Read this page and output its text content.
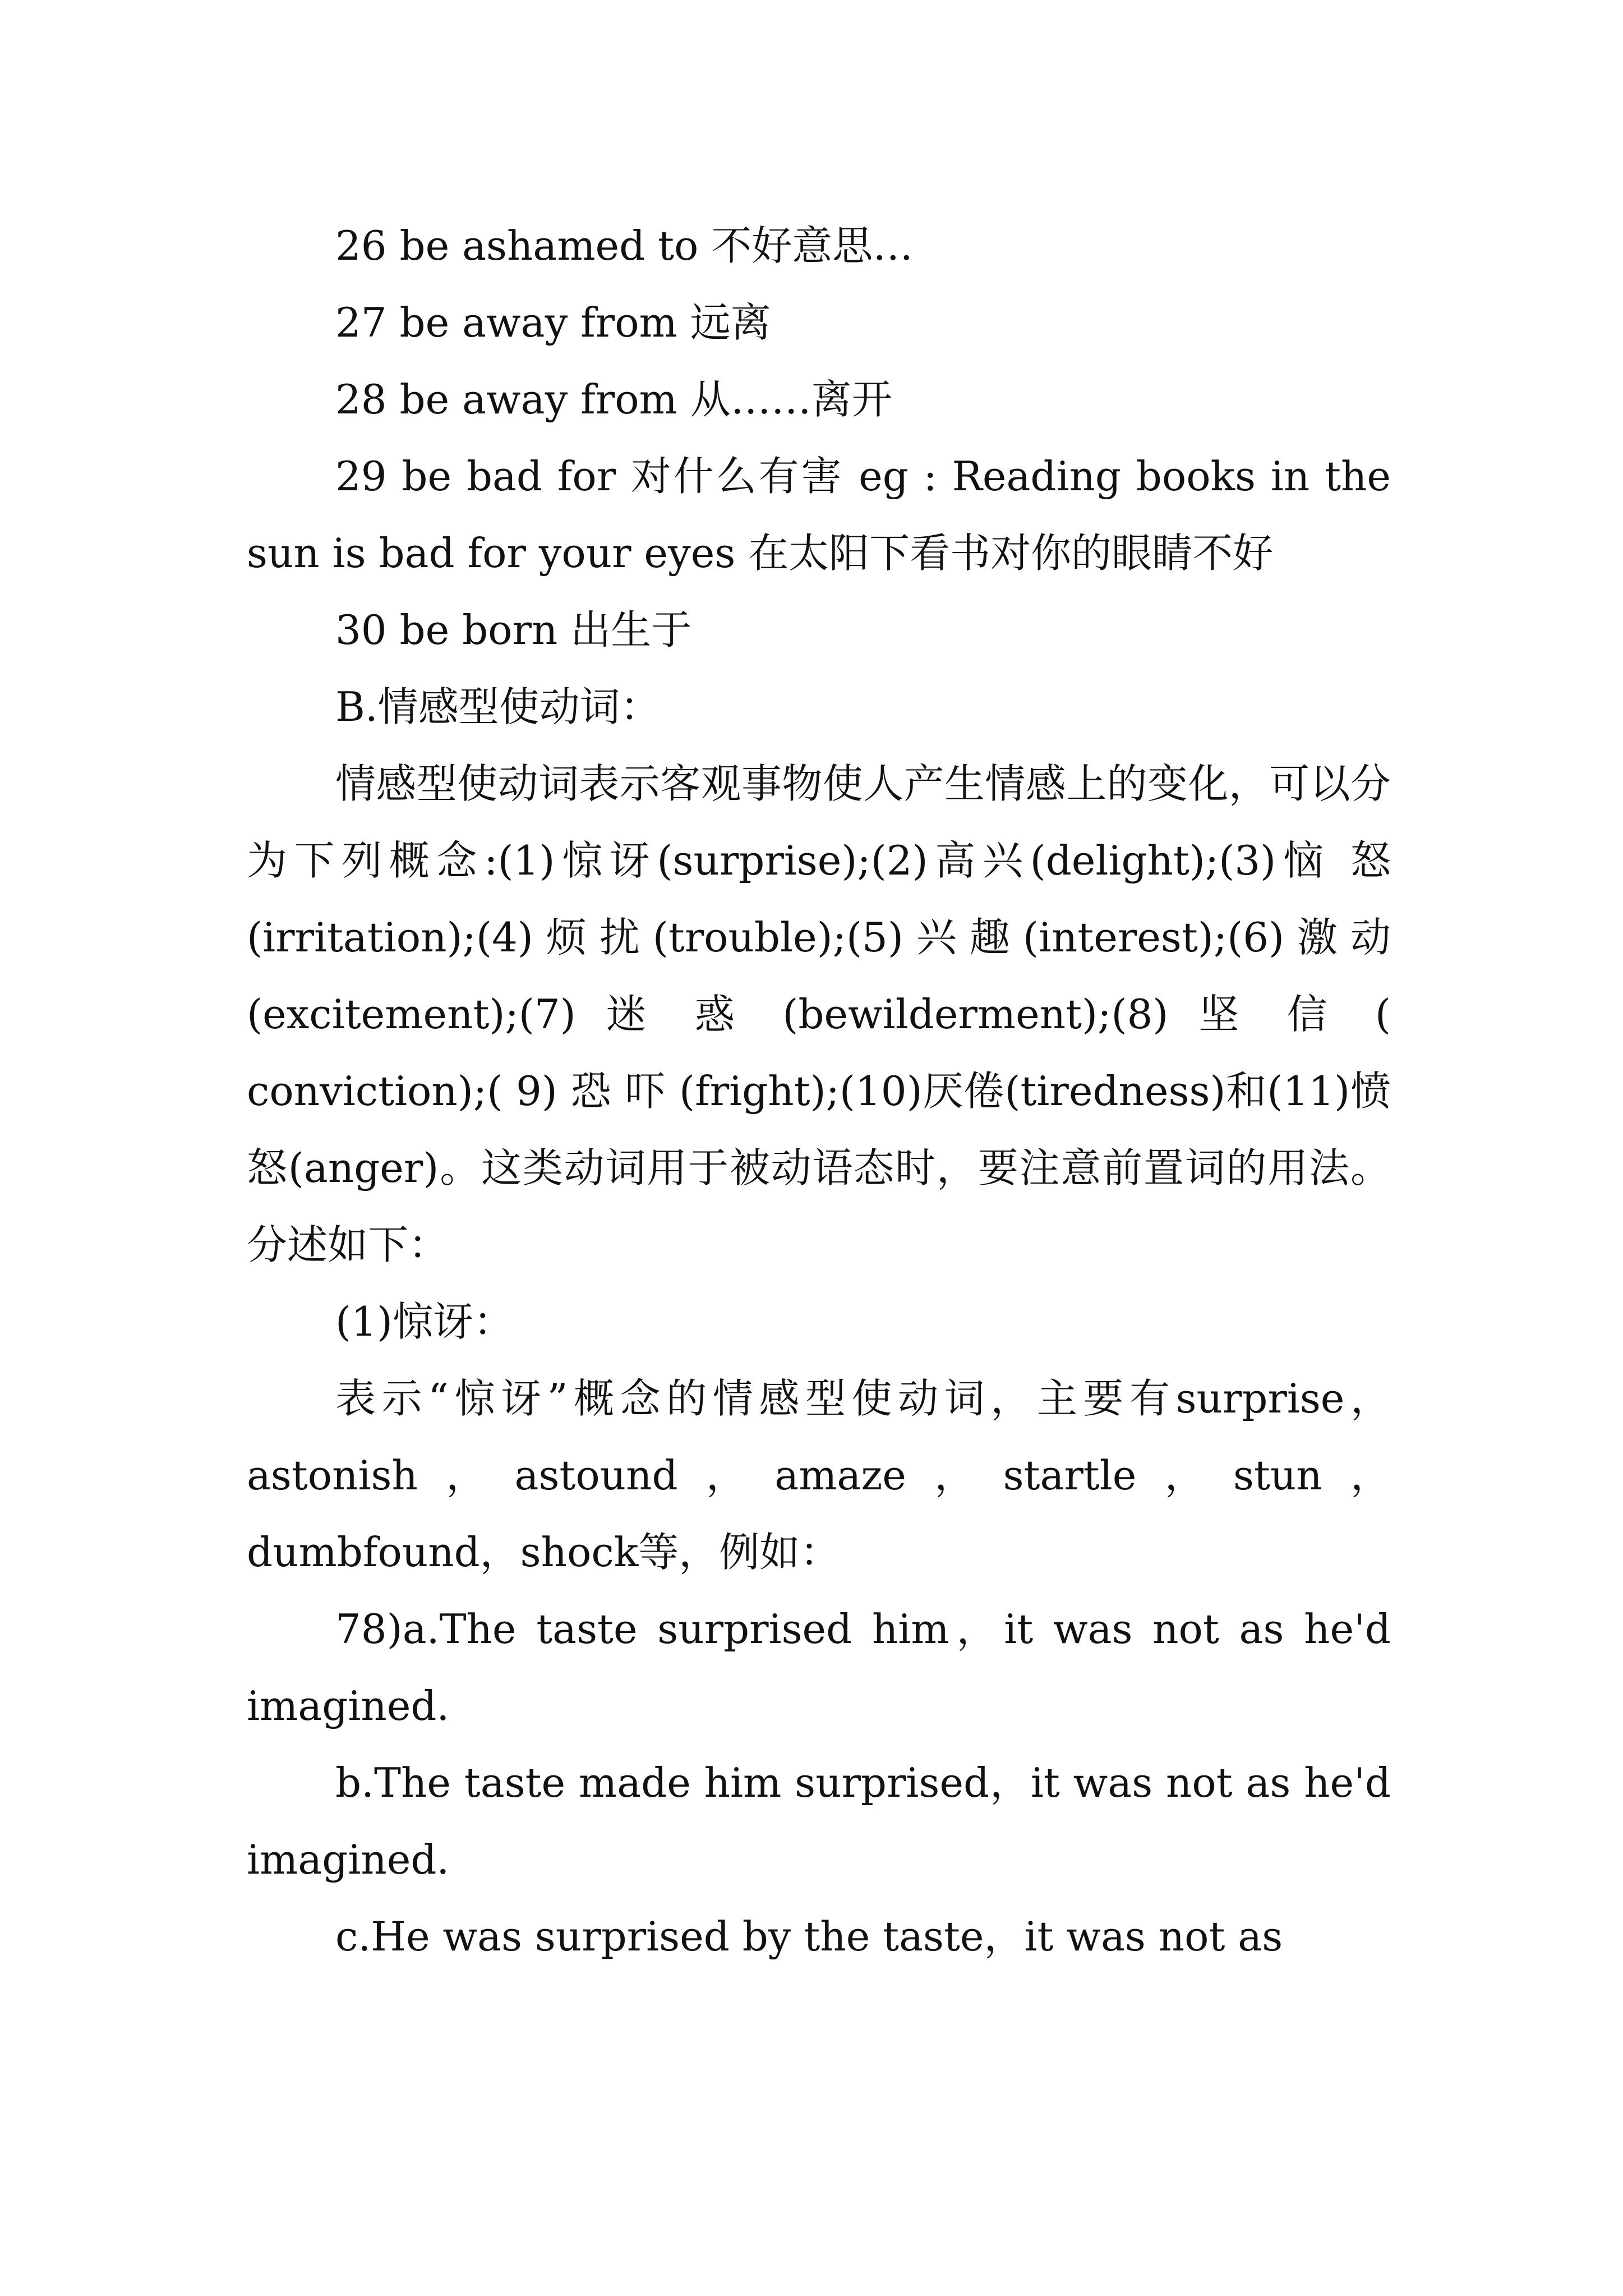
26 be ashamed to 不好意思…

27 be away from 远离

28 be away from 从……离开

29 be bad for 对什么有害 eg : Reading books in the sun is bad for your eyes 在太阳下看书对你的眼睛不好

30 be born 出生于

B.情感型使动词：

情感型使动词表示客观事物使人产生情感上的变化，可以分为下列概念:(1)惊讶(surprise);(2)高兴(delight);(3)恼 怒 (irritation);(4) 烦 扰 (trouble);(5) 兴 趣 (interest);(6) 激 动 (excitement);(7) 迷 惑 (bewilderment);(8) 坚 信 ( conviction);( 9) 恐 吓 (fright);(10)厌倦(tiredness)和(11)愤怒(anger)。这类动词用于被动语态时，要注意前置词的用法。分述如下：

(1)惊讶：

表示“惊讶”概念的情感型使动词，主要有surprise，astonish，astound，amaze，startle，stun，dumbfound，shock等，例如：

78)a.The taste surprised him，it was not as he'd imagined.

b.The taste made him surprised，it was not as he'd imagined.

c.He was surprised by the taste，it was not as
